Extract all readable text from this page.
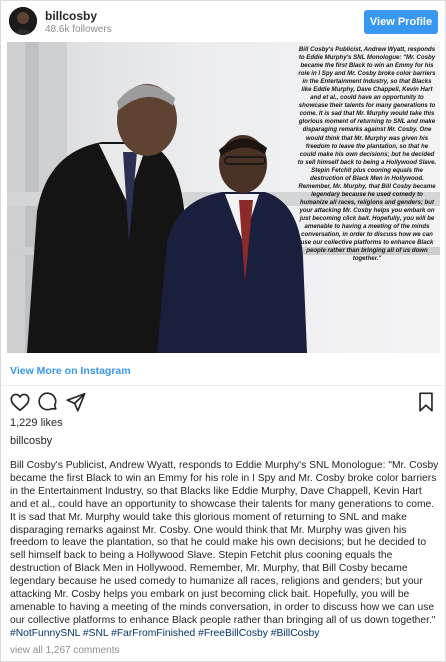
billcosby
48.6k followers
View Profile
Bill Cosby's Publicist, Andrew Wyatt, responds to Eddie Murphy's SNL Monologue: "Mr. Cosby became the first Black to win an Emmy for his role in I Spy and Mr. Cosby broke color barriers in the Entertainment Industry, so that Blacks like Eddie Murphy, Dave Chappell, Kevin Hart and et al., could have an opportunity to showcase their talents for many generations to come. It is sad that Mr. Murphy would take this glorious moment of returning to SNL and make disparaging remarks against Mr. Cosby. One would think that Mr. Murphy was given his freedom to leave the plantation, so that he could make his own decisions; but he decided to sell himself back to being a Hollywood Slave. Stepin Fetchit plus cooning equals the destruction of Black Men in Hollywood. Remember, Mr. Murphy, that Bill Cosby became legendary because he used comedy to humanize all races, religions and genders; but your attacking Mr. Cosby helps you embark on just becoming click bait. Hopefully, you will be amenable to having a meeting of the minds conversation, in order to discuss how we can use our collective platforms to enhance Black people rather than bringing all of us down together."
View More on Instagram
1,229 likes
billcosby
Bill Cosby's Publicist, Andrew Wyatt, responds to Eddie Murphy's SNL Monologue: "Mr. Cosby became the first Black to win an Emmy for his role in I Spy and Mr. Cosby broke color barriers in the Entertainment Industry, so that Blacks like Eddie Murphy, Dave Chappell, Kevin Hart and et al., could have an opportunity to showcase their talents for many generations to come. It is sad that Mr. Murphy would take this glorious moment of returning to SNL and make disparaging remarks against Mr. Cosby. One would think that Mr. Murphy was given his freedom to leave the plantation, so that he could make his own decisions; but he decided to sell himself back to being a Hollywood Slave. Stepin Fetchit plus cooning equals the destruction of Black Men in Hollywood. Remember, Mr. Murphy, that Bill Cosby became legendary because he used comedy to humanize all races, religions and genders; but your attacking Mr. Cosby helps you embark on just becoming click bait. Hopefully, you will be amenable to having a meeting of the minds conversation, in order to discuss how we can use our collective platforms to enhance Black people rather than bringing all of us down together." #NotFunnySNL #SNL #FarFromFinished #FreeBillCosby #BillCosby
view all 1,267 comments
